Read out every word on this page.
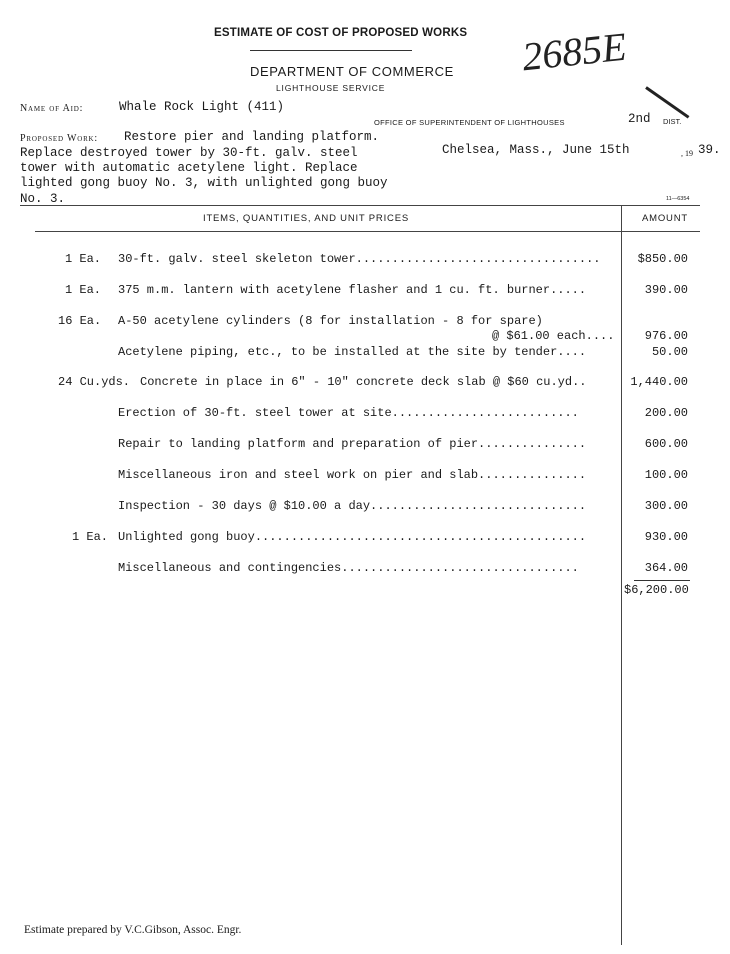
ESTIMATE OF COST OF PROPOSED WORKS
DEPARTMENT OF COMMERCE
LIGHTHOUSE SERVICE
2685E
Name of Aid:	Whale Rock Light (411)
OFFICE OF SUPERINTENDENT OF LIGHTHOUSES	2nd DIST.
Proposed Work: Restore pier and landing platform.
Replace destroyed tower by 30-ft. galv. steel
tower with automatic acetylene light. Replace
lighted gong buoy No. 3, with unlighted gong buoy
No. 3.
Chelsea, Mass., June 15th	, 19 39.
11—6354
ITEMS, QUANTITIES, AND UNIT PRICES	AMOUNT
1 Ea. 30-ft. galv. steel skeleton tower..................................	$850.00
1 Ea. 375 m.m. lantern with acetylene flasher and 1 cu. ft. burner.....	390.00
16 Ea. A-50 acetylene cylinders (8 for installation - 8 for spare)
@ $61.00 each....	976.00
Acetylene piping, etc., to be installed at the site by tender....	50.00
24 Cu.yds. Concrete in place in 6" - 10" concrete deck slab @ $60 cu.yd..	1,440.00
Erection of 30-ft. steel tower at site..........................	200.00
Repair to landing platform and preparation of pier...............	600.00
Miscellaneous iron and steel work on pier and slab...............	100.00
Inspection - 30 days @ $10.00 a day..............................	300.00
1 Ea. Unlighted gong buoy..............................................	930.00
Miscellaneous and contingencies.................................	364.00
$6,200.00
Estimate prepared by V.C.Gibson, Assoc. Engr.
